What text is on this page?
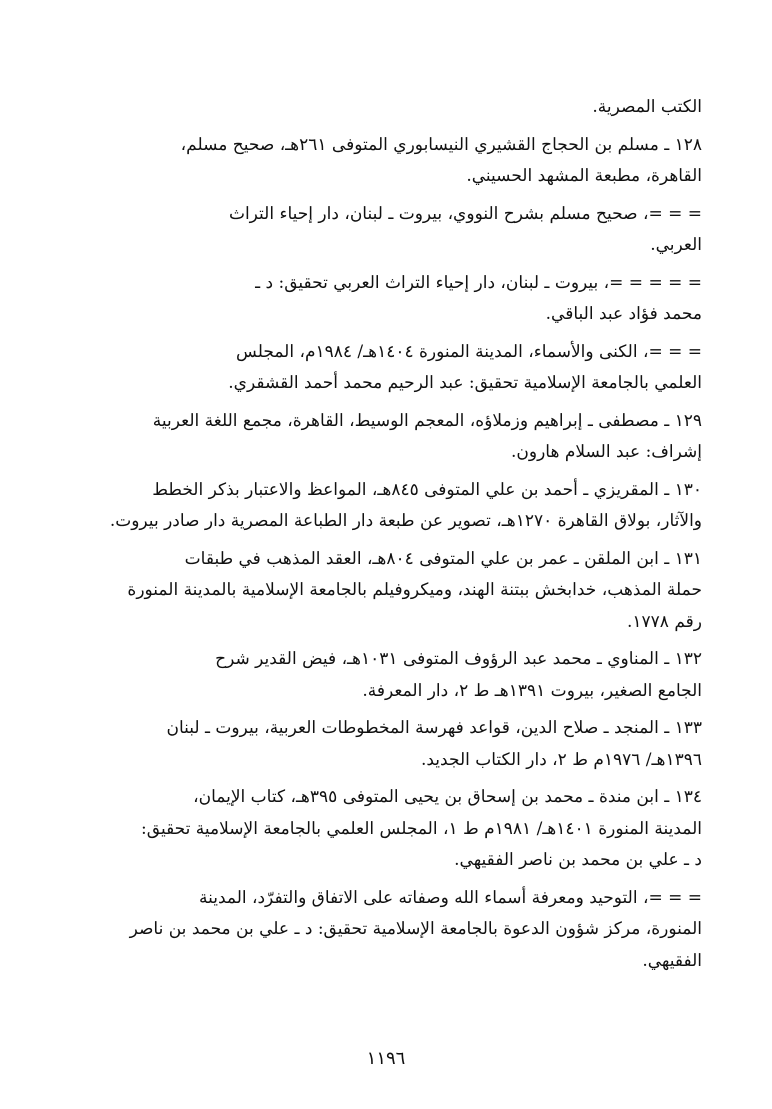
الكتب المصرية.
١٢٨ ـ مسلم بن الحجاج القشيري النيسابوري المتوفى ٢٦١هـ، صحيح مسلم،
القاهرة، مطبعة المشهد الحسيني.
= = =، صحيح مسلم بشرح النووي، بيروت ـ لبنان، دار إحياء التراث
العربي.
= = = = =، بيروت ـ لبنان، دار إحياء التراث العربي تحقيق: د ـ
محمد فؤاد عبد الباقي.
= = =، الكنى والأسماء، المدينة المنورة ١٤٠٤هـ/ ١٩٨٤م، المجلس
العلمي بالجامعة الإسلامية تحقيق: عبد الرحيم محمد أحمد القشقري.
١٢٩ ـ مصطفى ـ إبراهيم وزملاؤه، المعجم الوسيط، القاهرة، مجمع اللغة العربية
إشراف: عبد السلام هارون.
١٣٠ ـ المقريزي ـ أحمد بن علي المتوفى ٨٤٥هـ، المواعظ والاعتبار بذكر الخطط
والآثار، بولاق القاهرة ١٢٧٠هـ، تصوير عن طبعة دار الطباعة المصرية دار صادر بيروت.
١٣١ ـ ابن الملقن ـ عمر بن علي المتوفى ٨٠٤هـ، العقد المذهب في طبقات
حملة المذهب، خدابخش ببتنة الهند، وميكروفيلم بالجامعة الإسلامية بالمدينة المنورة
رقم ١٧٧٨.
١٣٢ ـ المناوي ـ محمد عبد الرؤوف المتوفى ١٠٣١هـ، فيض القدير شرح
الجامع الصغير، بيروت ١٣٩١هـ ط ٢، دار المعرفة.
١٣٣ ـ المنجد ـ صلاح الدين، قواعد فهرسة المخطوطات العربية، بيروت ـ لبنان
١٣٩٦هـ/ ١٩٧٦م ط ٢، دار الكتاب الجديد.
١٣٤ ـ ابن مندة ـ محمد بن إسحاق بن يحيى المتوفى ٣٩٥هـ، كتاب الإيمان،
المدينة المنورة ١٤٠١هـ/ ١٩٨١م ط ١، المجلس العلمي بالجامعة الإسلامية تحقيق:
د ـ علي بن محمد بن ناصر الفقيهي.
= = =، التوحيد ومعرفة أسماء الله وصفاته على الاتفاق والتفرّد، المدينة
المنورة، مركز شؤون الدعوة بالجامعة الإسلامية تحقيق: د ـ علي بن محمد بن ناصر
الفقيهي.
١١٩٦
